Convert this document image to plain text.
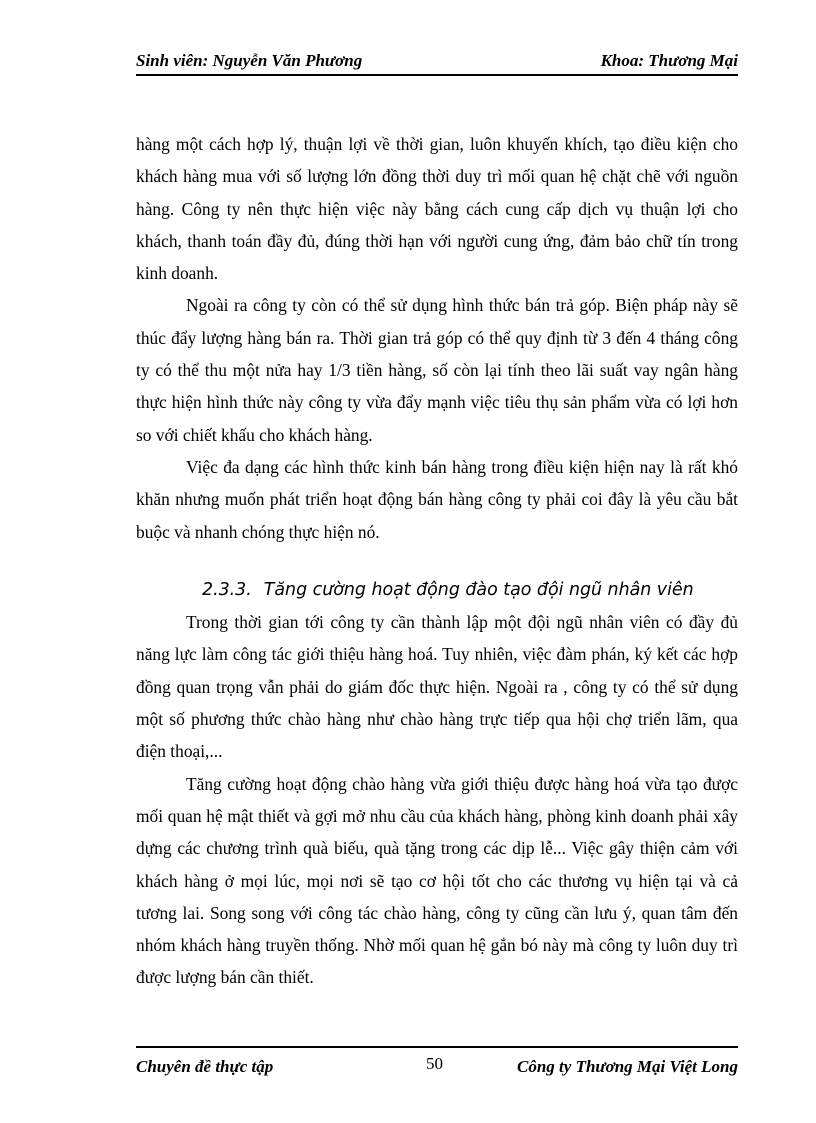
Sinh viên: Nguyễn Văn Phương	Khoa: Thương Mại

hàng một cách hợp lý, thuận lợi về thời gian, luôn khuyến khích, tạo điều kiện cho khách hàng mua với số lượng lớn đồng thời duy trì mối quan hệ chặt chẽ với nguồn hàng. Công ty nên thực hiện việc này bằng cách cung cấp dịch vụ thuận lợi cho khách, thanh toán đầy đủ, đúng thời hạn với người cung ứng, đảm bảo chữ tín trong kinh doanh.

Ngoài ra công ty còn có thể sử dụng hình thức bán trả góp. Biện pháp này sẽ thúc đẩy lượng hàng bán ra. Thời gian trả góp có thể quy định từ 3 đến 4 tháng công ty có thể thu một nửa hay 1/3 tiền hàng, số còn lại tính theo lãi suất vay ngân hàng thực hiện hình thức này công ty vừa đẩy mạnh việc tiêu thụ sản phẩm vừa có lợi hơn so với chiết khấu cho khách hàng.

Việc đa dạng các hình thức kinh bán hàng trong điều kiện hiện nay là rất khó khăn nhưng muốn phát triển hoạt động bán hàng công ty phải coi đây là yêu cầu bắt buộc và nhanh chóng thực hiện nó.

2.3.3. Tăng cường hoạt động đào tạo đội ngũ nhân viên

Trong thời gian tới công ty cần thành lập một đội ngũ nhân viên có đầy đủ năng lực làm công tác giới thiệu hàng hoá. Tuy nhiên, việc đàm phán, ký kết các hợp đồng quan trọng vẫn phải do giám đốc thực hiện. Ngoài ra , công ty có thể sử dụng một số phương thức chào hàng như chào hàng trực tiếp qua hội chợ triển lãm, qua điện thoại,...

Tăng cường hoạt động chào hàng vừa giới thiệu được hàng hoá vừa tạo được mối quan hệ mật thiết và gợi mở nhu cầu của khách hàng, phòng kinh doanh phải xây dựng các chương trình quà biếu, quà tặng trong các dịp lễ... Việc gây thiện cảm với khách hàng ở mọi lúc, mọi nơi sẽ tạo cơ hội tốt cho các thương vụ hiện tại và cả tương lai. Song song với công tác chào hàng, công ty cũng cần lưu ý, quan tâm đến nhóm khách hàng truyền thống. Nhờ mối quan hệ gắn bó này mà công ty luôn duy trì được lượng bán cần thiết.

Chuyên đề thực tập	50	Công ty Thương Mại Việt Long
